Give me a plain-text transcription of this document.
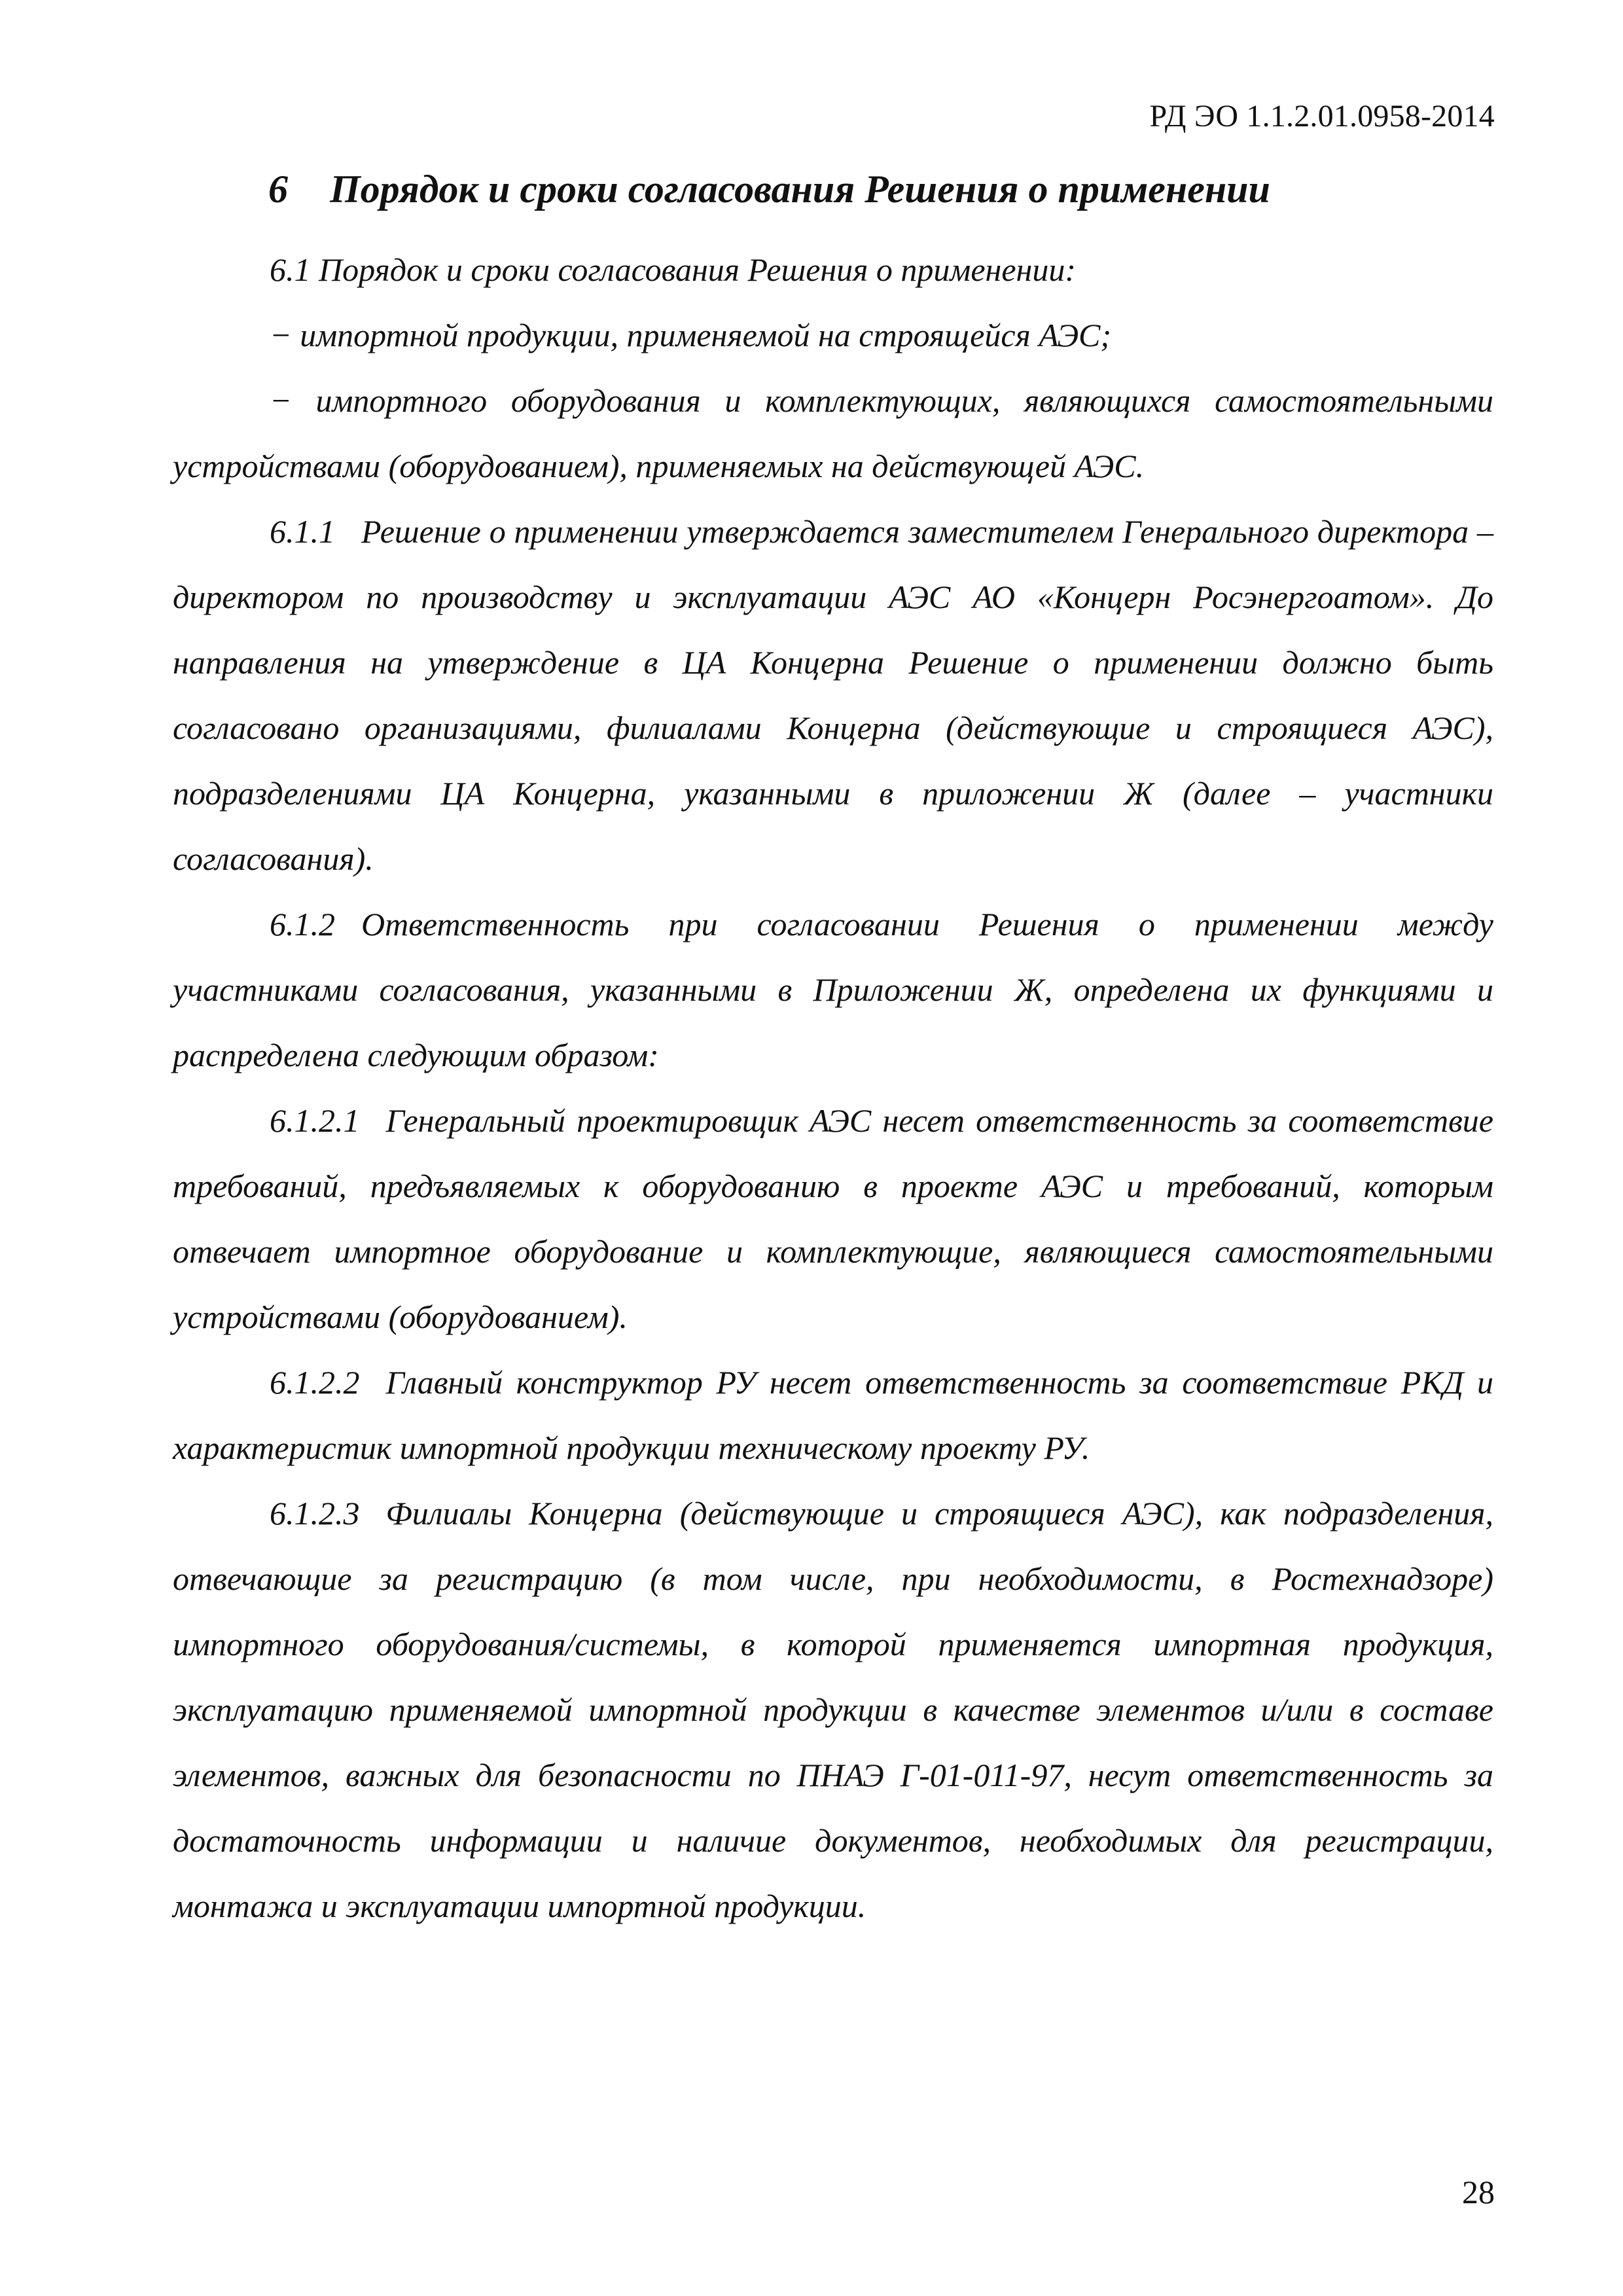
РД ЭО 1.1.2.01.0958-2014
6 Порядок и сроки согласования Решения о применении

6.1 Порядок и сроки согласования Решения о применении:

− импортной продукции, применяемой на строящейся АЭС;

− импортного оборудования и комплектующих, являющихся самостоятельными устройствами (оборудованием), применяемых на действующей АЭС.

6.1.1 Решение о применении утверждается заместителем Генерального директора – директором по производству и эксплуатации АЭС АО «Концерн Росэнергоатом». До направления на утверждение в ЦА Концерна Решение о применении должно быть согласовано организациями, филиалами Концерна (действующие и строящиеся АЭС), подразделениями ЦА Концерна, указанными в приложении Ж (далее – участники согласования).

6.1.2 Ответственность при согласовании Решения о применении между участниками согласования, указанными в Приложении Ж, определена их функциями и распределена следующим образом:

6.1.2.1 Генеральный проектировщик АЭС несет ответственность за соответствие требований, предъявляемых к оборудованию в проекте АЭС и требований, которым отвечает импортное оборудование и комплектующие, являющиеся самостоятельными устройствами (оборудованием).

6.1.2.2 Главный конструктор РУ несет ответственность за соответствие РКД и характеристик импортной продукции техническому проекту РУ.

6.1.2.3 Филиалы Концерна (действующие и строящиеся АЭС), как подразделения, отвечающие за регистрацию (в том числе, при необходимости, в Ростехнадзоре) импортного оборудования/системы, в которой применяется импортная продукция, эксплуатацию применяемой импортной продукции в качестве элементов и/или в составе элементов, важных для безопасности по ПНАЭ Г-01-011-97, несут ответственность за достаточность информации и наличие документов, необходимых для регистрации, монтажа и эксплуатации импортной продукции.

28
